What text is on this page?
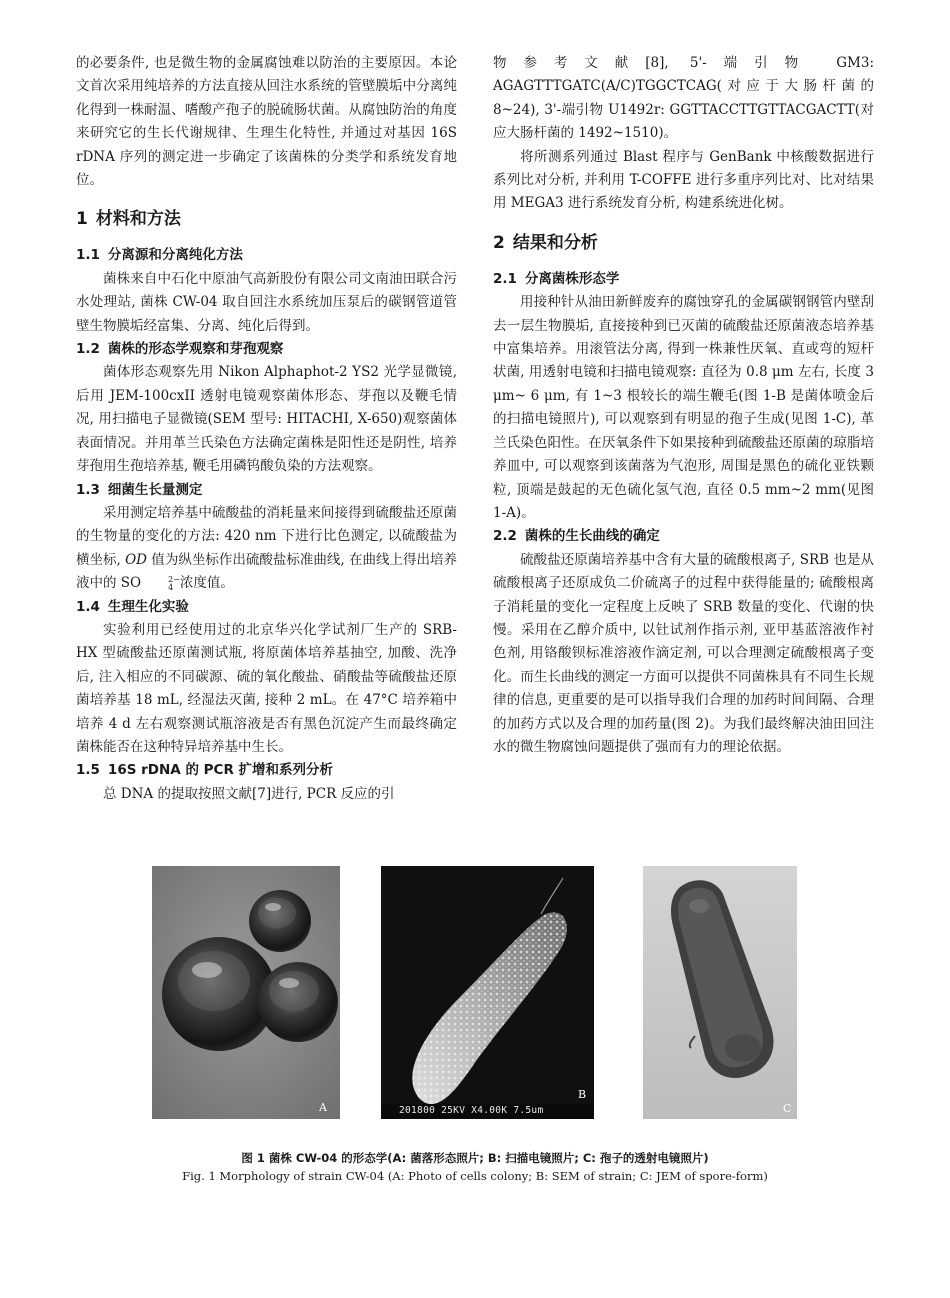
的必要条件, 也是微生物的金属腐蚀难以防治的主要原因。本论文首次采用纯培养的方法直接从回注水系统的管壁膜垢中分离纯化得到一株耐温、嗜酸产孢子的脱硫肠状菌。从腐蚀防治的角度来研究它的生长代谢规律、生理生化特性, 并通过对基因 16S rDNA 序列的测定进一步确定了该菌株的分类学和系统发育地位。

1 材料和方法
1.1 分离源和分离纯化方法

菌株来自中石化中原油气高新股份有限公司文南油田联合污水处理站, 菌株 CW-04 取自回注水系统加压泵后的碳钢管道管壁生物膜垢经富集、分离、纯化后得到。

1.2 菌株的形态学观察和芽孢观察

菌体形态观察先用 Nikon Alphaphot-2 YS2 光学显微镜, 后用 JEM-100cxII 透射电镜观察菌体形态、芽孢以及鞭毛情况, 用扫描电子显微镜(SEM 型号: HITACHI, X-650)观察菌体表面情况。并用革兰氏染色方法确定菌株是阳性还是阴性, 培养芽孢用生孢培养基, 鞭毛用磷钨酸负染的方法观察。

1.3 细菌生长量测定

采用测定培养基中硫酸盐的消耗量来间接得到硫酸盐还原菌的生物量的变化的方法: 420 nm 下进行比色测定, 以硫酸盐为横坐标, OD 值为纵坐标作出硫酸盐标准曲线, 在曲线上得出培养液中的 SO	2−
4 浓度值。

1.4 生理生化实验

实验利用已经使用过的北京华兴化学试剂厂生产的 SRB-HX 型硫酸盐还原菌测试瓶, 将原菌体培养基抽空, 加酸、洗净后, 注入相应的不同碳源、硫的氧化酸盐、硝酸盐等硫酸盐还原菌培养基 18 mL, 经湿法灭菌, 接种 2 mL。在 47°C 培养箱中培养 4 d 左右观察测试瓶溶液是否有黑色沉淀产生而最终确定菌株能否在这种特异培养基中生长。

1.5 16S rDNA 的 PCR 扩增和系列分析

总 DNA 的提取按照文献[7]进行, PCR 反应的引

物参考文献[8], 5'-端引物 GM3: AGAGTTTGATC(A/C)TGGCTCAG(对应于大肠杆菌的 8~24), 3'-端引物 U1492r: GGTTACCTTGTTACGACTT(对应大肠杆菌的 1492~1510)。

将所测系列通过 Blast 程序与 GenBank 中核酸数据进行系列比对分析, 并利用 T-COFFE 进行多重序列比对、比对结果用 MEGA3 进行系统发育分析, 构建系统进化树。

2 结果和分析
2.1 分离菌株形态学

用接种针从油田新鲜废弃的腐蚀穿孔的金属碳钢钢管内壁刮去一层生物膜垢, 直接接种到已灭菌的硫酸盐还原菌液态培养基中富集培养。用滚管法分离, 得到一株兼性厌氧、直或弯的短杆状菌, 用透射电镜和扫描电镜观察: 直径为 0.8 μm 左右, 长度 3 μm~ 6 μm, 有 1~3 根较长的端生鞭毛(图 1-B 是菌体喷金后的扫描电镜照片), 可以观察到有明显的孢子生成(见图 1-C), 革兰氏染色阳性。在厌氧条件下如果接种到硫酸盐还原菌的琼脂培养皿中, 可以观察到该菌落为气泡形, 周围是黑色的硫化亚铁颗粒, 顶端是鼓起的无色硫化氢气泡, 直径 0.5 mm~2 mm(见图 1-A)。

2.2 菌株的生长曲线的确定

硫酸盐还原菌培养基中含有大量的硫酸根离子, SRB 也是从硫酸根离子还原成负二价硫离子的过程中获得能量的; 硫酸根离子消耗量的变化一定程度上反映了 SRB 数量的变化、代谢的快慢。采用在乙醇介质中, 以钍试剂作指示剂, 亚甲基蓝溶液作衬色剂, 用铬酸钡标准溶液作滴定剂, 可以合理测定硫酸根离子变化。而生长曲线的测定一方面可以提供不同菌株具有不同生长规律的信息, 更重要的是可以指导我们合理的加药时间间隔、合理的加药方式以及合理的加药量(图 2)。为我们最终解决油田回注水的微生物腐蚀问题提供了强而有力的理论依据。

A	201800 25KV X4.00K 7.5um
B
C
图 1 菌株 CW-04 的形态学(A: 菌落形态照片; B: 扫描电镜照片; C: 孢子的透射电镜照片)
Fig. 1 Morphology of strain CW-04 (A: Photo of cells colony; B: SEM of strain; C: JEM of spore-form)
